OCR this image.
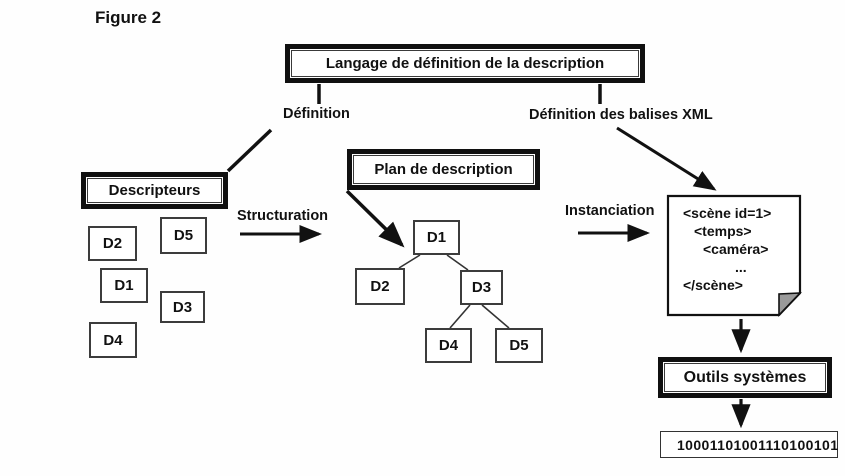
Figure 2
Langage de définition de la description
Définition	Définition des balises XML
Structuration	Instanciation
Descripteurs
D2	D5
D1
D3
D4
Plan de description
D1
D2	D3
D4	D5
<scène id=1>
<temps>
<caméra>
...
</scène>
Outils systèmes
10001101001110100101
